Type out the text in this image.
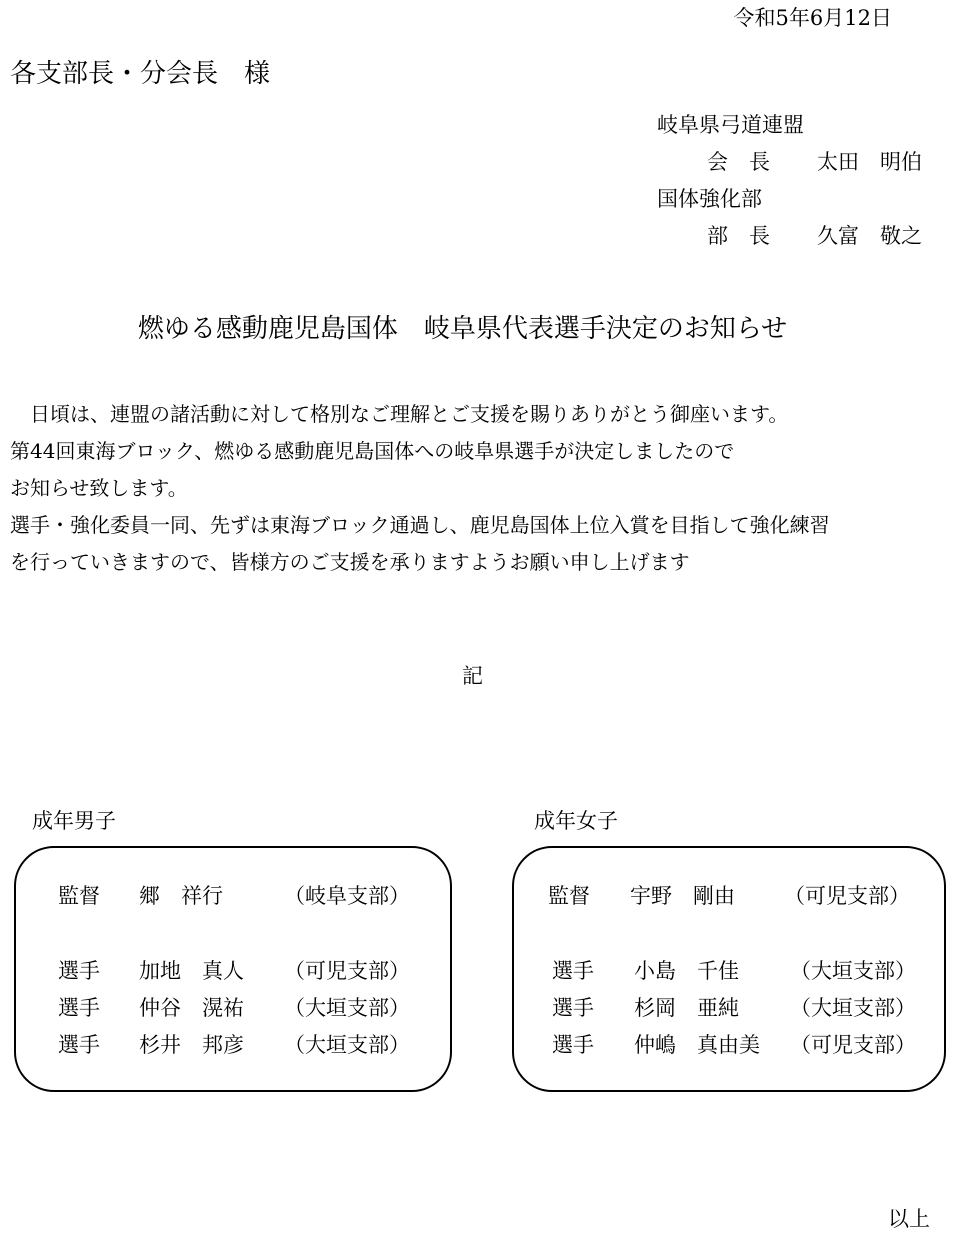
令和5年6月12日
各支部長・分会長　様
岐阜県弓道連盟
会　長 太田　明伯
国体強化部
部　長 久富　敬之
燃ゆる感動鹿児島国体　岐阜県代表選手決定のお知らせ
　日頃は、連盟の諸活動に対して格別なご理解とご支援を賜りありがとう御座います。
第44回東海ブロック、燃ゆる感動鹿児島国体への岐阜県選手が決定しましたので
お知らせ致します。
選手・強化委員一同、先ずは東海ブロック通過し、鹿児島国体上位入賞を目指して強化練習
を行っていきますので、皆様方のご支援を承りますようお願い申し上げます
記
成年男子
監督 郷　祥行	（岐阜支部）
選手 加地　真人 （可児支部）
選手 仲谷　滉祐 （大垣支部）
選手 杉井　邦彦 （大垣支部）
成年女子
監督 宇野　剛由 （可児支部）
選手 小島　千佳 （大垣支部）
選手 杉岡　亜純 （大垣支部）
選手 仲嶋　真由美 （可児支部）
以上
